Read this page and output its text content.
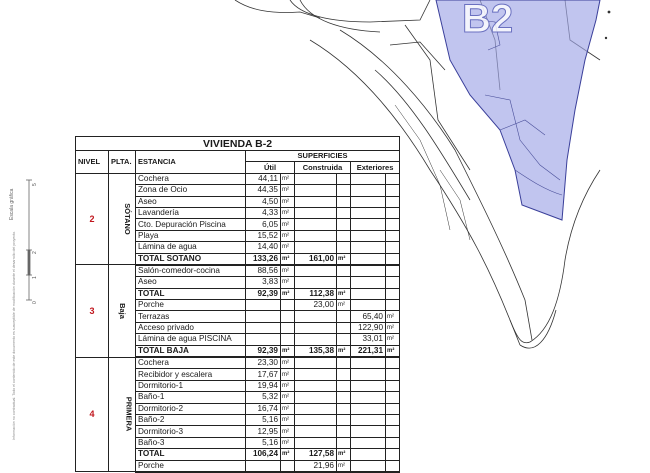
B2
Escala gráfica
5
2
1
0
Información no contractual. Todo el contenido de este documento es susceptible de modificación durante el desarrollo del proyecto.
VIVIENDA B-2								
NIVEL	PLTA.	ESTANCIA	SUPERFICIES					
			Útil		Construida		Exteriores	
2	SÓTANO	Cochera	44,11	m²				
		Zona de Ocio	44,35	m²				
		Aseo	4,50	m²				
		Lavandería	4,33	m²				
		Cto. Depuración Piscina	6,05	m²				
		Playa	15,52	m²				
		Lámina de agua	14,40	m²				
		TOTAL SOTANO	133,26	m²	161,00	m²		
3	Baja	Salón-comedor-cocina	88,56	m²				
		Aseo	3,83	m²				
		TOTAL	92,39	m²	112,38	m²		
		Porche			23,00	m²		
		Terrazas					65,40	m²
		Acceso privado					122,90	m²
		Lámina de agua PISCINA					33,01	m²
		TOTAL BAJA	92,39	m²	135,38	m²	221,31	m²
4	PRIMERA	Cochera	23,30	m²				
		Recibidor y escalera	17,67	m²				
		Dormitorio-1	19,94	m²				
		Baño-1	5,32	m²				
		Dormitorio-2	16,74	m²				
		Baño-2	5,16	m²				
		Dormitorio-3	12,95	m²				
		Baño-3	5,16	m²				
		TOTAL	106,24	m²	127,58	m²		
		Porche			21,96	m²		
